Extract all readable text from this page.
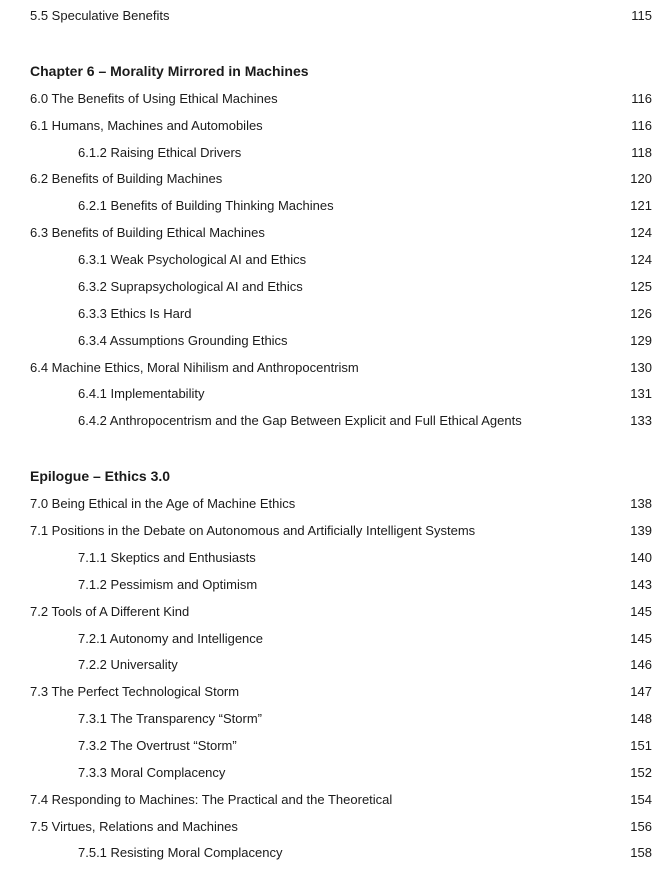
5.5 Speculative Benefits	115
Chapter 6 – Morality Mirrored in Machines
6.0 The Benefits of Using Ethical Machines	116
6.1 Humans, Machines and Automobiles	116
6.1.2 Raising Ethical Drivers	118
6.2 Benefits of Building Machines	120
6.2.1 Benefits of Building Thinking Machines	121
6.3 Benefits of Building Ethical Machines	124
6.3.1 Weak Psychological AI and Ethics	124
6.3.2 Suprapsychological AI and Ethics	125
6.3.3 Ethics Is Hard	126
6.3.4 Assumptions Grounding Ethics	129
6.4 Machine Ethics, Moral Nihilism and Anthropocentrism	130
6.4.1 Implementability	131
6.4.2 Anthropocentrism and the Gap Between Explicit and Full Ethical Agents	133
Epilogue – Ethics 3.0
7.0 Being Ethical in the Age of Machine Ethics	138
7.1 Positions in the Debate on Autonomous and Artificially Intelligent Systems	139
7.1.1 Skeptics and Enthusiasts	140
7.1.2 Pessimism and Optimism	143
7.2 Tools of A Different Kind	145
7.2.1 Autonomy and Intelligence	145
7.2.2 Universality	146
7.3 The Perfect Technological Storm	147
7.3.1 The Transparency “Storm”	148
7.3.2 The Overtrust “Storm”	151
7.3.3 Moral Complacency	152
7.4 Responding to Machines: The Practical and the Theoretical	154
7.5 Virtues, Relations and Machines	156
7.5.1 Resisting Moral Complacency	158
